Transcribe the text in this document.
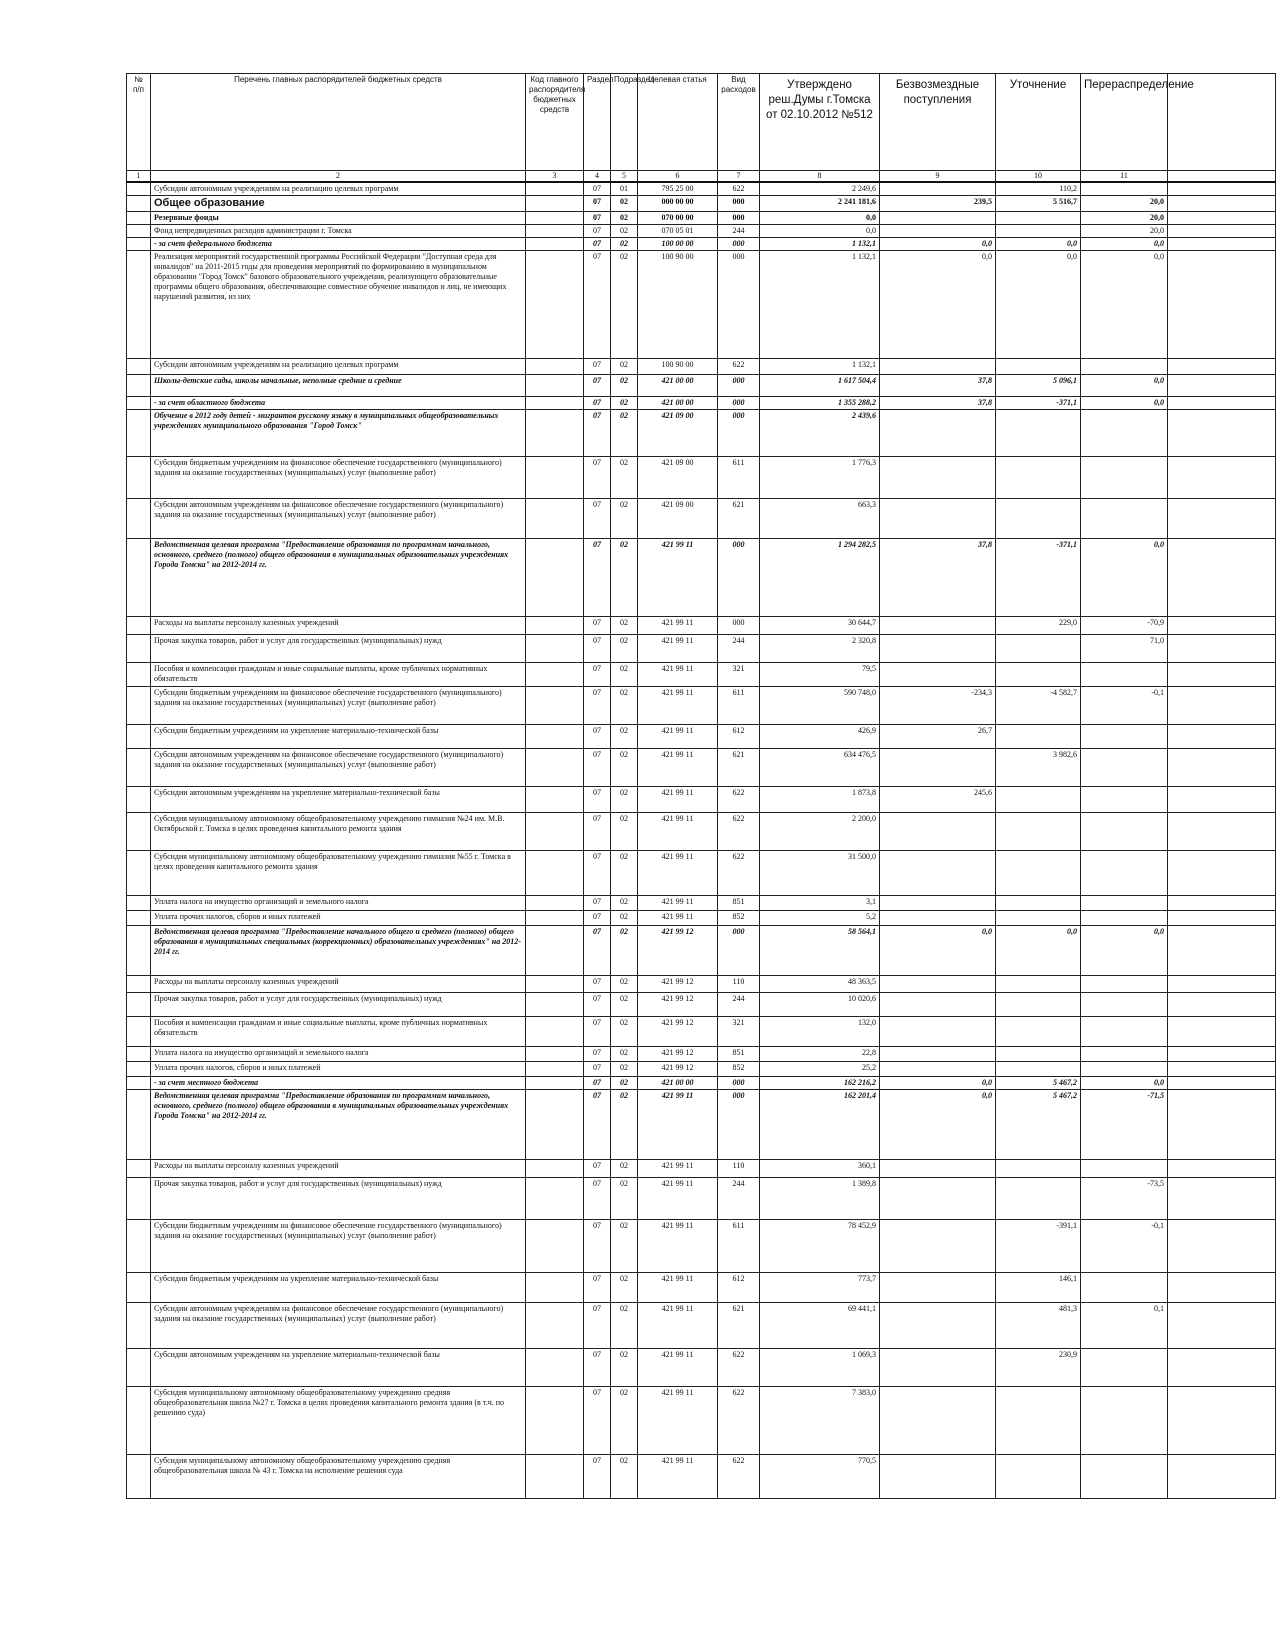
№ п/п	Перечень главных распорядителей бюджетных средств	Код главного распорядителя бюджетных средств	Раздел	Подраздел	Целевая статья	Вид расходов	Утверждено реш.Думы г.Томска от 02.10.2012 №512	Безвозмездные поступления	Уточнение	Перераспределение	
1	2	3	4	5	6	7	8	9	10	11	
	Субсидии автономным учреждениям на реализацию целевых программ		07	01	795 25 00	622	2 249,6		110,2		
	Общее образование		07	02	000 00 00	000	2 241 181,6	239,5	5 516,7	20,0	
	Резервные фонды		07	02	070 00 00	000	0,0			20,0	
	Фонд непредвиденных расходов администрации г. Томска		07	02	070 05 01	244	0,0			20,0	
	- за счет федерального бюджета		07	02	100 00 00	000	1 132,1	0,0	0,0	0,0	
	Реализация мероприятий государственной программы Российской Федерации "Доступная среда для инвалидов" на 2011-2015 годы для проведения мероприятий по формированию в муниципальном образовании "Город Томск" базового образовательного учреждения, реализующего образовательные программы общего образования, обеспечивающие совместное обучение инвалидов и лиц, не имеющих нарушений развития, из них		07	02	100 90 00	000	1 132,1	0,0	0,0	0,0	
	Субсидии автономным учреждениям на реализацию целевых программ		07	02	100 90 00	622	1 132,1				
	Школы-детские сады, школы начальные, неполные средние и средние		07	02	421 00 00	000	1 617 504,4	37,8	5 096,1	0,0	
	- за счет областного бюджета		07	02	421 00 00	000	1 355 288,2	37,8	-371,1	0,0	
	Обучение в 2012 году детей - мигрантов русскому языку в муниципальных общеобразовательных учреждениях муниципального образования "Город Томск"		07	02	421 09 00	000	2 439,6				
	Субсидии бюджетным учреждениям на финансовое обеспечение государственного (муниципального) задания на оказание государственных (муниципальных) услуг (выполнение работ)		07	02	421 09 00	611	1 776,3				
	Субсидии автономным учреждениям на финансовое обеспечение государственного (муниципального) задания на оказание государственных (муниципальных) услуг (выполнение работ)		07	02	421 09 00	621	663,3				
	Ведомственная целевая программа "Предоставление образования по программам начального, основного, среднего (полного) общего образования в муниципальных образовательных учреждениях Города Томска" на 2012-2014 гг.		07	02	421 99 11	000	1 294 282,5	37,8	-371,1	0,0	
	Расходы на выплаты персоналу казенных учреждений		07	02	421 99 11	000	30 644,7		229,0	-70,9	
	Прочая закупка товаров, работ и услуг для государственных (муниципальных) нужд		07	02	421 99 11	244	2 320,8			71,0	
	Пособия и компенсации гражданам и иные социальные выплаты, кроме публичных нормативных обязательств		07	02	421 99 11	321	79,5				
	Субсидии бюджетным учреждениям на финансовое обеспечение государственного (муниципального) задания на оказание государственных (муниципальных) услуг (выполнение работ)		07	02	421 99 11	611	590 748,0	-234,3	-4 582,7	-0,1	
	Субсидии бюджетным учреждениям на укрепление материально-технической базы		07	02	421 99 11	612	426,9	26,7			
	Субсидии автономным учреждениям на финансовое обеспечение государственного (муниципального) задания на оказание государственных (муниципальных) услуг (выполнение работ)		07	02	421 99 11	621	634 476,5		3 982,6		
	Субсидии автономным учреждениям на укрепление материально-технической базы		07	02	421 99 11	622	1 873,8	245,6			
	Субсидия муниципальному автономному общеобразовательному учреждению гимназия №24 им. М.В. Октябрьской г. Томска в целях проведения капитального ремонта здания		07	02	421 99 11	622	2 200,0				
	Субсидия муниципальному автономному общеобразовательному учреждению гимназия №55 г. Томска в целях проведения капитального ремонта здания		07	02	421 99 11	622	31 500,0				
	Уплата налога на имущество организаций и земельного налога		07	02	421 99 11	851	3,1				
	Уплата прочих налогов, сборов и иных платежей		07	02	421 99 11	852	5,2				
	Ведомственная целевая программа "Предоставление начального общего и среднего (полного) общего образования в муниципальных специальных (коррекционных) образовательных учреждениях" на 2012-2014 гг.		07	02	421 99 12	000	58 564,1	0,0	0,0	0,0	
	Расходы на выплаты персоналу казенных учреждений		07	02	421 99 12	110	48 363,5				
	Прочая закупка товаров, работ и услуг для государственных (муниципальных) нужд		07	02	421 99 12	244	10 020,6				
	Пособия и компенсации гражданам и иные социальные выплаты, кроме публичных нормативных обязательств		07	02	421 99 12	321	132,0				
	Уплата налога на имущество организаций и земельного налога		07	02	421 99 12	851	22,8				
	Уплата прочих налогов, сборов и иных платежей		07	02	421 99 12	852	25,2				
	- за счет местного бюджета		07	02	421 00 00	000	162 216,2	0,0	5 467,2	0,0	
	Ведомственная целевая программа "Предоставление образования по программам начального, основного, среднего (полного) общего образования в муниципальных образовательных учреждениях Города Томска" на 2012-2014 гг.		07	02	421 99 11	000	162 201,4	0,0	5 467,2	-71,5	
	Расходы на выплаты персоналу казенных учреждений		07	02	421 99 11	110	360,1				
	Прочая закупка товаров, работ и услуг для государственных (муниципальных) нужд		07	02	421 99 11	244	1 389,8			-73,5	
	Субсидии бюджетным учреждениям на финансовое обеспечение государственного (муниципального) задания на оказание государственных (муниципальных) услуг (выполнение работ)		07	02	421 99 11	611	78 452,9		-391,1	-0,1	
	Субсидии бюджетным учреждениям на укрепление материально-технической базы		07	02	421 99 11	612	773,7		146,1		
	Субсидии автономным учреждениям на финансовое обеспечение государственного (муниципального) задания на оказание государственных (муниципальных) услуг (выполнение работ)		07	02	421 99 11	621	69 441,1		481,3	0,1	
	Субсидии автономным учреждениям на укрепление материально-технической базы		07	02	421 99 11	622	1 069,3		230,9		
	Субсидия муниципальному автономному общеобразовательному учреждению средняя общеобразовательная школа №27 г. Томска в целях проведения капитального ремонта здания (в т.ч. по решению суда)		07	02	421 99 11	622	7 383,0				
	Субсидия муниципальному автономному общеобразовательному учреждению средняя общеобразовательная школа № 43 г. Томска на исполнение решения суда		07	02	421 99 11	622	770,5				
